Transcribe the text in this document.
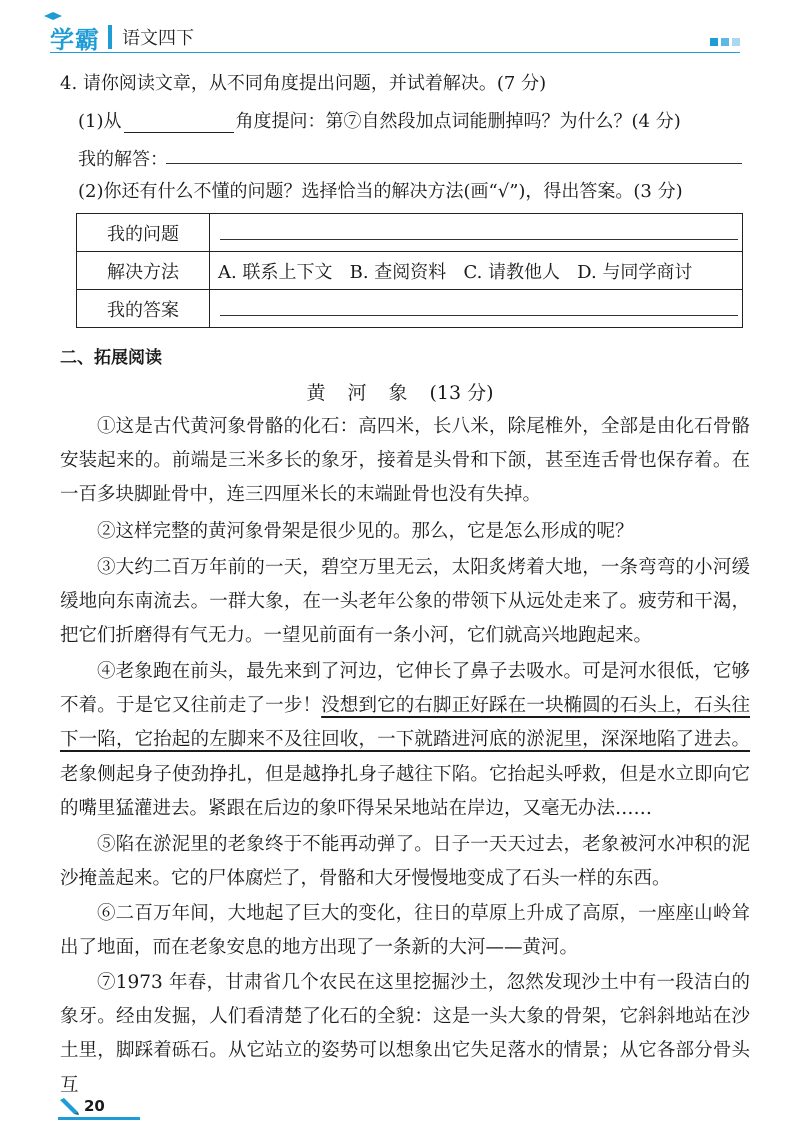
学霸 语文四下
4. 请你阅读文章，从不同角度提出问题，并试着解决。(7 分)
(1)从	角度提问：第⑦自然段加点词能删掉吗？为什么？(4 分)
我的解答：
(2)你还有什么不懂的问题？选择恰当的解决方法(画“√”)，得出答案。(3 分)
我的问题	

解决方法	A. 联系上下文   B. 查阅资料   C. 请教他人   D. 与同学商讨
我的答案	
二、拓展阅读
黄河象(13 分)
①这是古代黄河象骨骼的化石：高四米，长八米，除尾椎外，全部是由化石骨骼安装起来的。前端是三米多长的象牙，接着是头骨和下颌，甚至连舌骨也保存着。在一百多块脚趾骨中，连三四厘米长的末端趾骨也没有失掉。
②这样完整的黄河象骨架是很少见的。那么，它是怎么形成的呢？
③大约二百万年前的一天，碧空万里无云，太阳炙烤着大地，一条弯弯的小河缓缓地向东南流去。一群大象，在一头老年公象的带领下从远处走来了。疲劳和干渴，把它们折磨得有气无力。一望见前面有一条小河，它们就高兴地跑起来。
④老象跑在前头，最先来到了河边，它伸长了鼻子去吸水。可是河水很低，它够不着。于是它又往前走了一步！没想到它的右脚正好踩在一块椭圆的石头上，石头往下一陷，它抬起的左脚来不及往回收，一下就踏进河底的淤泥里，深深地陷了进去。老象侧起身子使劲挣扎，但是越挣扎身子越往下陷。它抬起头呼救，但是水立即向它的嘴里猛灌进去。紧跟在后边的象吓得呆呆地站在岸边，又毫无办法……
⑤陷在淤泥里的老象终于不能再动弹了。日子一天天过去，老象被河水冲积的泥沙掩盖起来。它的尸体腐烂了，骨骼和大牙慢慢地变成了石头一样的东西。
⑥二百万年间，大地起了巨大的变化，往日的草原上升成了高原，一座座山岭耸出了地面，而在老象安息的地方出现了一条新的大河——黄河。
⑦1973 年春，甘肃省几个农民在这里挖掘沙土，忽然发现沙土中有一段洁白的象牙。经由发掘，人们看清楚了化石的全貌：这是一头大象的骨架，它斜斜地站在沙土里，脚踩着砾石。从它站立的姿势可以想象出它失足落水的情景；从它各部分骨头互
20
